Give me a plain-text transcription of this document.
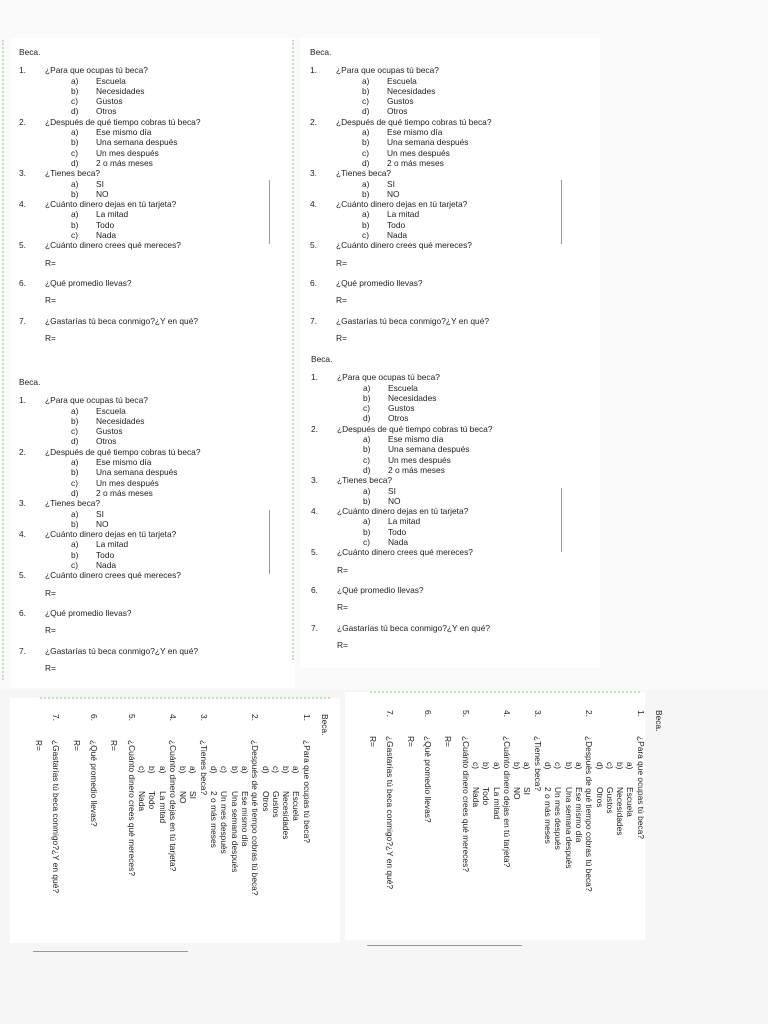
Beca.
1. ¿Para que ocupas tú beca?
a) Escuela
b) Necesidades
c) Gustos
d) Otros
2. ¿Después de qué tiempo cobras tú beca?
a) Ese mismo día
b) Una semana después
c) Un mes después
d) 2 o más meses
3. ¿Tienes beca?
a) SI
b) NO
4. ¿Cuánto dinero dejas en tú tarjeta?
a) La mitad
b) Todo
c) Nada
5. ¿Cuánto dinero crees qué mereces?
R=
6. ¿Qué promedio llevas?
R=
7. ¿Gastarías tú beca conmigo?¿Y en qué?
R=
Beca.
1. ¿Para que ocupas tú beca?
a) Escuela
b) Necesidades
c) Gustos
d) Otros
2. ¿Después de qué tiempo cobras tú beca?
a) Ese mismo día
b) Una semana después
c) Un mes después
d) 2 o más meses
3. ¿Tienes beca?
a) SI
b) NO
4. ¿Cuánto dinero dejas en tú tarjeta?
a) La mitad
b) Todo
c) Nada
5. ¿Cuánto dinero crees qué mereces?
R=
6. ¿Qué promedio llevas?
R=
7. ¿Gastarías tú beca conmigo?¿Y en qué?
R=
Beca.
1. ¿Para que ocupas tú beca?
a) Escuela
b) Necesidades
c) Gustos
d) Otros
2. ¿Después de qué tiempo cobras tú beca?
a) Ese mismo día
b) Una semana después
c) Un mes después
d) 2 o más meses
3. ¿Tienes beca?
a) SI
b) NO
4. ¿Cuánto dinero dejas en tú tarjeta?
a) La mitad
b) Todo
c) Nada
5. ¿Cuánto dinero crees qué mereces?
R=
6. ¿Qué promedio llevas?
R=
7. ¿Gastarías tú beca conmigo?¿Y en qué?
R=
Beca.
1. ¿Para que ocupas tú beca?
a) Escuela
b) Necesidades
c) Gustos
d) Otros
2. ¿Después de qué tiempo cobras tú beca?
a) Ese mismo día
b) Una semana después
c) Un mes después
d) 2 o más meses
3. ¿Tienes beca?
a) SI
b) NO
4. ¿Cuánto dinero dejas en tú tarjeta?
a) La mitad
b) Todo
c) Nada
5. ¿Cuánto dinero crees qué mereces?
R=
6. ¿Qué promedio llevas?
R=
7. ¿Gastarías tú beca conmigo?¿Y en qué?
R=
Beca.
1.
¿Para que ocupas tú beca?
a)
Escuela
b)
Necesidades
c)
Gustos
d)
Otros
2.
¿Después de qué tiempo cobras tú beca?
a)
Ese mismo día
b)
Una semana después
c)
Un mes después
d)
2 o más meses
3.
¿Tienes beca?
a)
SI
b)
NO
4.
¿Cuánto dinero dejas en tú tarjeta?
a)
La mitad
b)
Todo
c)
Nada
5.
¿Cuánto dinero crees qué mereces?
R=
6.
¿Qué promedio llevas?
R=
7.
¿Gastarías tú beca conmigo?¿Y en qué?
R=
Beca.
1.
¿Para que ocupas tú beca?
a)
Escuela
b)
Necesidades
c)
Gustos
d)
Otros
2.
¿Después de qué tiempo cobras tú beca?
a)
Ese mismo día
b)
Una semana después
c)
Un mes después
d)
2 o más meses
3.
¿Tienes beca?
a)
SI
b)
NO
4.
¿Cuánto dinero dejas en tú tarjeta?
a)
La mitad
b)
Todo
c)
Nada
5.
¿Cuánto dinero crees qué mereces?
R=
6.
¿Qué promedio llevas?
R=
7.
¿Gastarías tú beca conmigo?¿Y en qué?
R=
